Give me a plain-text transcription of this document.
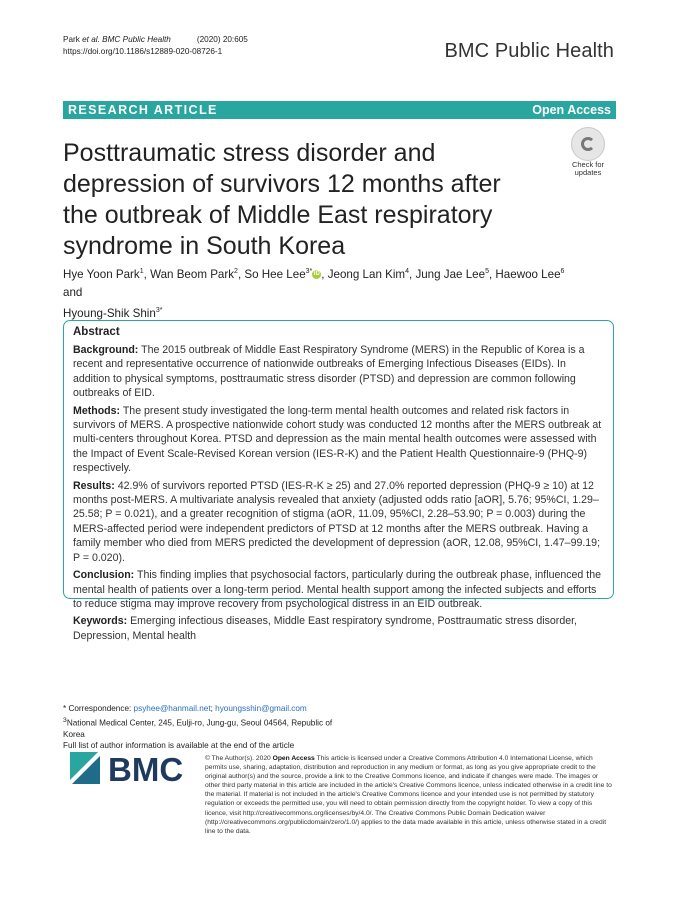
Park et al. BMC Public Health	(2020) 20:605
https://doi.org/10.1186/s12889-020-08726-1	BMC Public Health
RESEARCH ARTICLE	Open Access
Posttraumatic stress disorder and depression of survivors 12 months after the outbreak of Middle East respiratory syndrome in South Korea
Check for
updates
Hye Yoon Park$^1$, Wan Beom Park$^2$, So Hee Lee$^{3*}$ iD , Jeong Lan Kim$^4$, Jung Jae Lee$^5$, Haewoo Lee$^6$ and
Hyoung-Shik Shin$^{3*}$
Abstract

Background: The 2015 outbreak of Middle East Respiratory Syndrome (MERS) in the Republic of Korea is a recent and representative occurrence of nationwide outbreaks of Emerging Infectious Diseases (EIDs). In addition to physical symptoms, posttraumatic stress disorder (PTSD) and depression are common following outbreaks of EID.

Methods: The present study investigated the long-term mental health outcomes and related risk factors in survivors of MERS. A prospective nationwide cohort study was conducted 12 months after the MERS outbreak at multi-centers throughout Korea. PTSD and depression as the main mental health outcomes were assessed with the Impact of Event Scale-Revised Korean version (IES-R-K) and the Patient Health Questionnaire-9 (PHQ-9) respectively.

Results: 42.9% of survivors reported PTSD (IES-R-K ≥ 25) and 27.0% reported depression (PHQ-9 ≥ 10) at 12 months post-MERS. A multivariate analysis revealed that anxiety (adjusted odds ratio [aOR], 5.76; 95%CI, 1.29–25.58; P = 0.021), and a greater recognition of stigma (aOR, 11.09, 95%CI, 2.28–53.90; P = 0.003) during the MERS-affected period were independent predictors of PTSD at 12 months after the MERS outbreak. Having a family member who died from MERS predicted the development of depression (aOR, 12.08, 95%CI, 1.47–99.19; P = 0.020).

Conclusion: This finding implies that psychosocial factors, particularly during the outbreak phase, influenced the mental health of patients over a long-term period. Mental health support among the infected subjects and efforts to reduce stigma may improve recovery from psychological distress in an EID outbreak.

Keywords: Emerging infectious diseases, Middle East respiratory syndrome, Posttraumatic stress disorder, Depression, Mental health

* Correspondence: psyhee@hanmail.net; hyoungsshin@gmail.com
$^3$National Medical Center, 245, Eulji-ro, Jung-gu, Seoul 04564, Republic of Korea
Full list of author information is available at the end of the article
BMC	© The Author(s). 2020 Open Access This article is licensed under a Creative Commons Attribution 4.0 International License, which permits use, sharing, adaptation, distribution and reproduction in any medium or format, as long as you give appropriate credit to the original author(s) and the source, provide a link to the Creative Commons licence, and indicate if changes were made. The images or other third party material in this article are included in the article's Creative Commons licence, unless indicated otherwise in a credit line to the material. If material is not included in the article's Creative Commons licence and your intended use is not permitted by statutory regulation or exceeds the permitted use, you will need to obtain permission directly from the copyright holder. To view a copy of this licence, visit http://creativecommons.org/licenses/by/4.0/. The Creative Commons Public Domain Dedication waiver (http://creativecommons.org/publicdomain/zero/1.0/) applies to the data made available in this article, unless otherwise stated in a credit line to the data.
